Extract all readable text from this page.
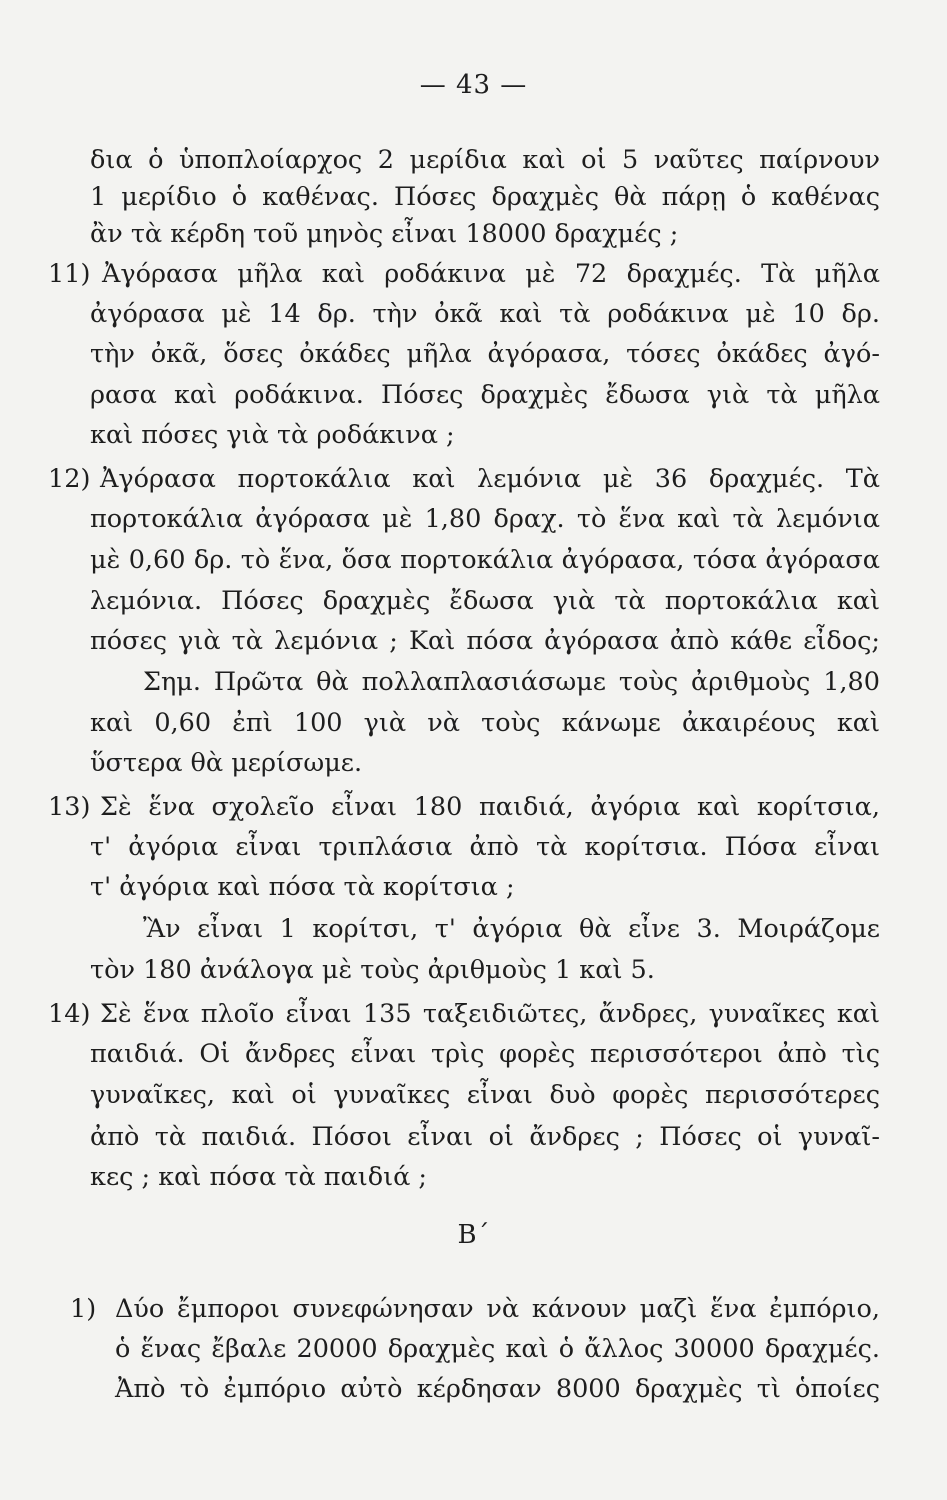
— 43 —
δια ὁ ὑποπλοίαρχος 2 μερίδια καὶ οἱ 5 ναῦτες παίρνουν
1 μερίδιο ὁ καθένας. Πόσες δραχμὲς θὰ πάρῃ ὁ καθένας
ἂν τὰ κέρδη τοῦ μηνὸς εἶναι 18000 δραχμές ;
11) Ἀγόρασα μῆλα καὶ ροδάκινα μὲ 72 δραχμές. Τὰ μῆλα
ἀγόρασα μὲ 14 δρ. τὴν ὀκᾶ καὶ τὰ ροδάκινα μὲ 10 δρ.
τὴν ὀκᾶ, ὅσες ὀκάδες μῆλα ἀγόρασα, τόσες ὀκάδες ἀγό-
ρασα καὶ ροδάκινα. Πόσες δραχμὲς ἔδωσα γιὰ τὰ μῆλα
καὶ πόσες γιὰ τὰ ροδάκινα ;
12) Ἀγόρασα πορτοκάλια καὶ λεμόνια μὲ 36 δραχμές. Τὰ
πορτοκάλια ἀγόρασα μὲ 1,80 δραχ. τὸ ἕνα καὶ τὰ λεμόνια
μὲ 0,60 δρ. τὸ ἕνα, ὅσα πορτοκάλια ἀγόρασα, τόσα ἀγόρασα
λεμόνια. Πόσες δραχμὲς ἔδωσα γιὰ τὰ πορτοκάλια καὶ
πόσες γιὰ τὰ λεμόνια ; Καὶ πόσα ἀγόρασα ἀπὸ κάθε εἶδος;
Σημ. Πρῶτα θὰ πολλαπλασιάσωμε τοὺς ἀριθμοὺς 1,80
καὶ 0,60 ἐπὶ 100 γιὰ νὰ τοὺς κάνωμε ἀκαιρέους καὶ
ὕστερα θὰ μερίσωμε.
13) Σὲ ἕνα σχολεῖο εἶναι 180 παιδιά, ἀγόρια καὶ κορίτσια,
τ' ἀγόρια εἶναι τριπλάσια ἀπὸ τὰ κορίτσια. Πόσα εἶναι
τ' ἀγόρια καὶ πόσα τὰ κορίτσια ;
Ἂν εἶναι 1 κορίτσι, τ' ἀγόρια θὰ εἶνε 3. Μοιράζομε
τὸν 180 ἀνάλογα μὲ τοὺς ἀριθμοὺς 1 καὶ 5.
14) Σὲ ἕνα πλοῖο εἶναι 135 ταξειδιῶτες, ἄνδρες, γυναῖκες καὶ
παιδιά. Οἱ ἄνδρες εἶναι τρὶς φορὲς περισσότεροι ἀπὸ τὶς
γυναῖκες, καὶ οἱ γυναῖκες εἶναι δυὸ φορὲς περισσότερες
ἀπὸ τὰ παιδιά. Πόσοι εἶναι οἱ ἄνδρες ; Πόσες οἱ γυναῖ-
κες ; καὶ πόσα τὰ παιδιά ;
Β΄
1) Δύο ἔμποροι συνεφώνησαν νὰ κάνουν μαζὶ ἕνα ἐμπόριο,
ὁ ἕνας ἔβαλε 20000 δραχμὲς καὶ ὁ ἄλλος 30000 δραχμές.
Ἀπὸ τὸ ἐμπόριο αὐτὸ κέρδησαν 8000 δραχμὲς τὶ ὁποίες
